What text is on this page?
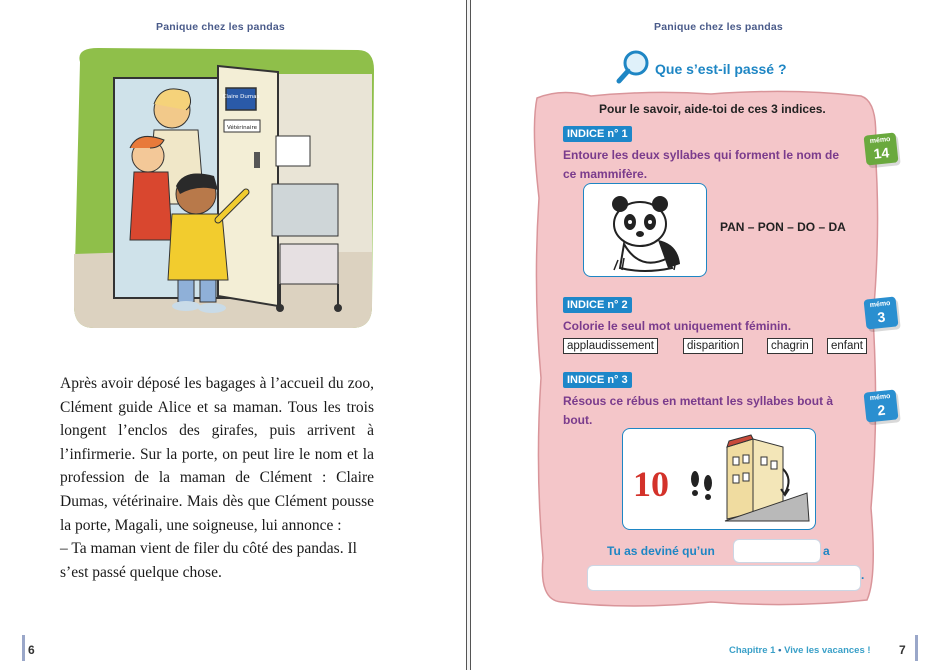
Panique chez les pandas
Claire Dumas
Vétérinaire

Après avoir déposé les bagages à l’accueil du zoo, Clément guide Alice et sa maman. Tous les trois longent l’enclos des girafes, puis arrivent à l’infirmerie. Sur la porte, on peut lire le nom et la profession de la maman de Clément : Claire Dumas, vétérinaire. Mais dès que Clément pousse la porte, Magali, une soigneuse, lui annonce :

– Ta maman vient de filer du côté des pandas. Il s’est passé quelque chose.

6
Panique chez les pandas
Que s’est-il passé ?
Pour le savoir, aide-toi de ces 3 indices.
INDICE n° 1
Entoure les deux syllabes qui forment le nom de ce mammifère.
mémo
14
PAN – PON – DO – DA
INDICE n° 2
Colorie le seul mot uniquement féminin.
mémo
3
applaudissement	disparition	chagrin	enfant
INDICE n° 3
Résous ce rébus en mettant les syllabes bout à bout.
mémo
2
10
Tu as deviné qu’un	a
.
Chapitre 1 • Vive les vacances ! 7
